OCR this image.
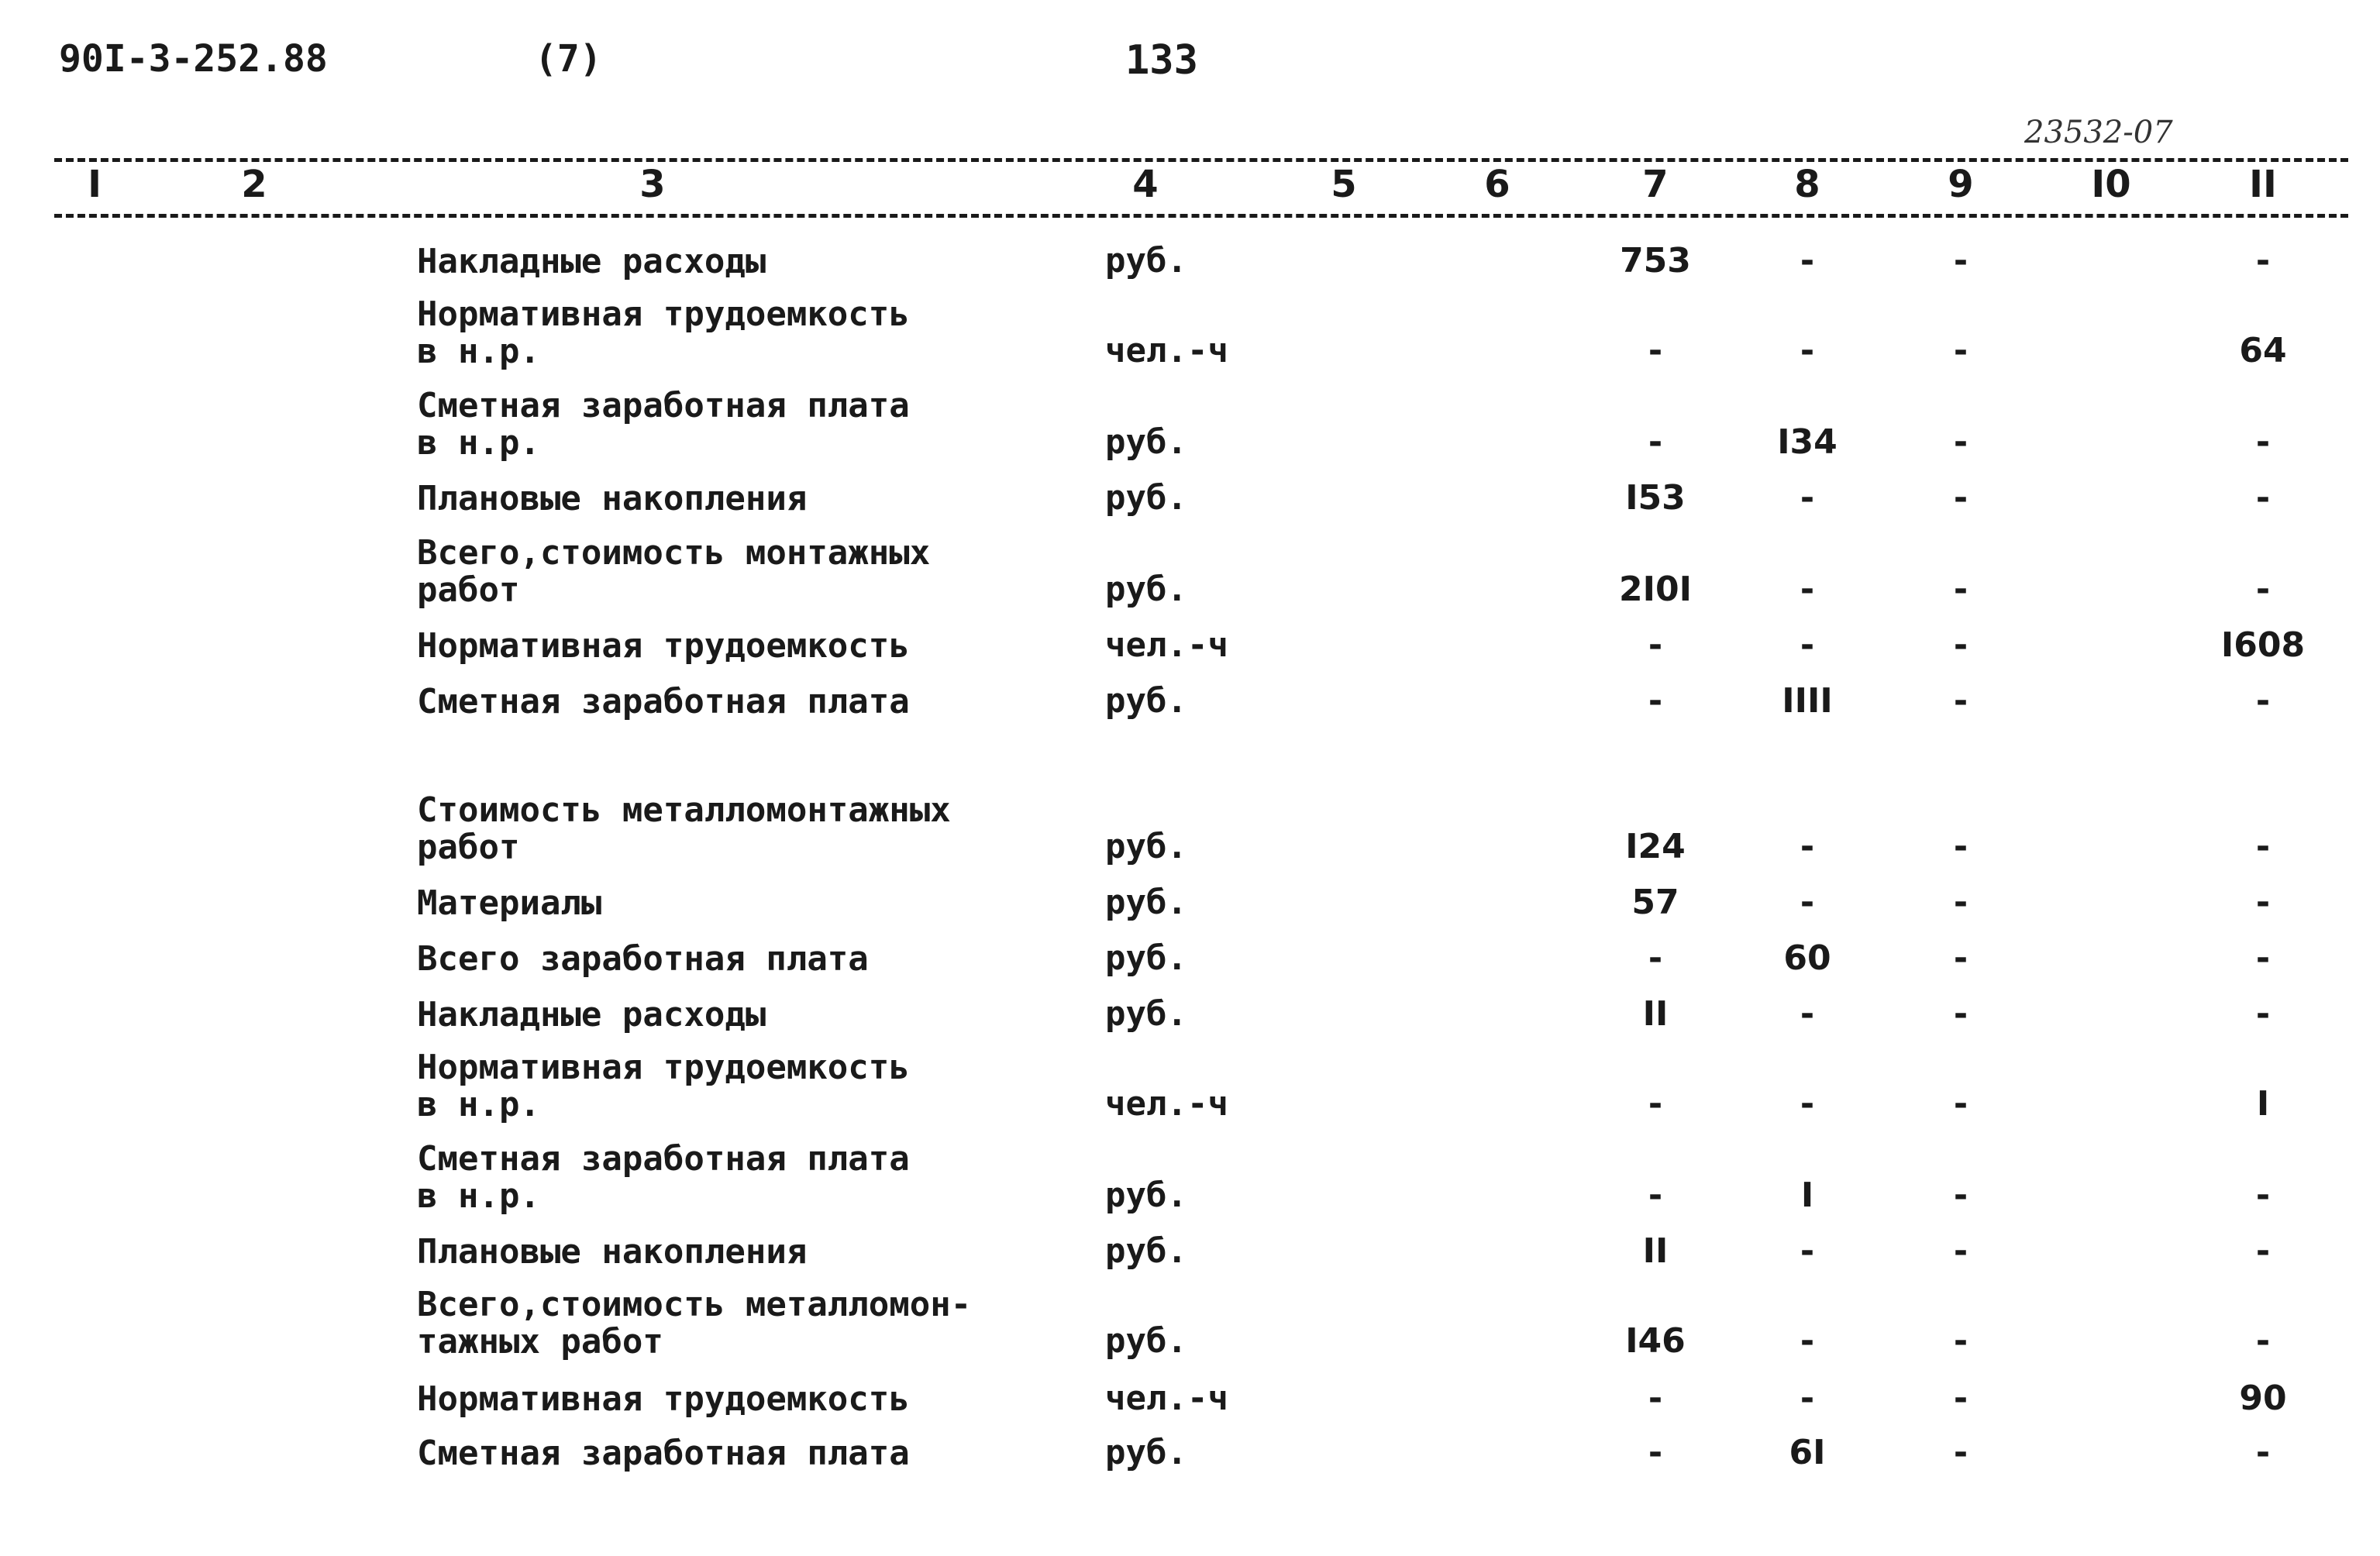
90I-3-252.88	(7)	133
23532-07
I	2	3	4	5	6	7	8	9	I0	II
Накладные расходы	руб.	753	-	-	-
Нормативная трудоемкость
в н.р.	чел.-ч	-	-	-	64
Сметная заработная плата
в н.р.	руб.	-	I34	-	-
Плановые накопления	руб.	I53	-	-	-
Всего,стоимость монтажных
работ	руб.	2I0I	-	-	-
Нормативная трудоемкость	чел.-ч	-	-	-	I608
Сметная заработная плата	руб.	-	IIII	-	-
Стоимость металломонтажных
работ	руб.	I24	-	-	-
Материалы	руб.	57	-	-	-
Всего заработная плата	руб.	-	60	-	-
Накладные расходы	руб.	II	-	-	-
Нормативная трудоемкость
в н.р.	чел.-ч	-	-	-	I
Сметная заработная плата
в н.р.	руб.	-	I	-	-
Плановые накопления	руб.	II	-	-	-
Всего,стоимость металломон-
тажных работ	руб.	I46	-	-	-
Нормативная трудоемкость	чел.-ч	-	-	-	90
Сметная заработная плата	руб.	-	6I	-	-
